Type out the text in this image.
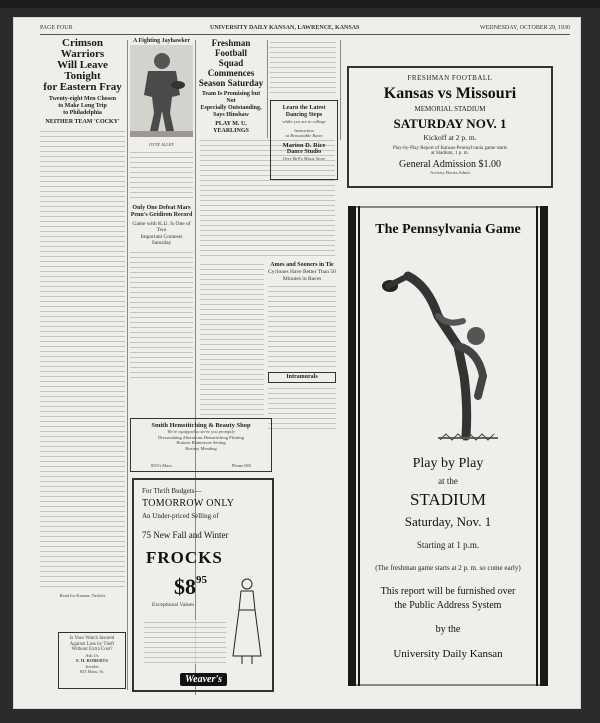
PAGE FOUR	UNIVERSITY DAILY KANSAN, LAWRENCE, KANSAS	WEDNESDAY, OCTOBER 29, 1930
Crimson Warriors
Will Leave Tonight
for Eastern Fray
Twenty-eight Men Chosen
to Make Long Trip
to Philadelphia
NEITHER TEAM 'COCKY'
Read for Kansas: Tackles
Is Your Watch Insured
Against Loss by Theft
Without Extra Cost?
Ask Us
F. H. ROBERTS
Jeweler
833 Mass. St.
A Fighting Jayhawker
OTTE ALLEY
Only One Defeat Mars
Penn's Gridiron Record
Game with K.U. Is One of Two
Important Contests
Saturday
Freshman Football
Squad Commences
Season Saturday
Team Is Promising but Not
Especially Outstanding,
Says Hinshaw
PLAY M. U. YEARLINGS
Ames and Sooners in Tie
Cyclones Have Better Than 50
Minutes in Races
Intramurals
Learn the Latest
Dancing Steps
while you are in college
Instruction
at Reasonable Rates
Marion D. Rice
Dance Studio
Over Bell's Music Store
Smith Hemstitching & Beauty Shop
We're equipped to serve you promptly
Dressmaking Alterations Hemstitching Pleating
Buttons Rhinestone Setting
Hosiery Mending
833½ Mass.	Phone 683
For Thrift Budgets—
TOMORROW ONLY
An Under-priced Selling of
75 New Fall and Winter
FROCKS
$\$8^{95}$
Exceptional Values
Weaver's
FRESHMAN FOOTBALL
Kansas vs Missouri
MEMORIAL STADIUM
SATURDAY NOV. 1
Kickoff at 2 p. m.
Play-by-Play Report of Kansas-Pennsylvania game starts
at Stadium, 1 p. m.
General Admission $1.00
Activity Books Admit
The Pennsylvania Game
Play by Play
at the
STADIUM
Saturday, Nov. 1
Starting at 1 p.m.
(The freshman game starts at 2 p. m. so come early)
This report will be furnished over
the Public Address System
by the
University Daily Kansan
